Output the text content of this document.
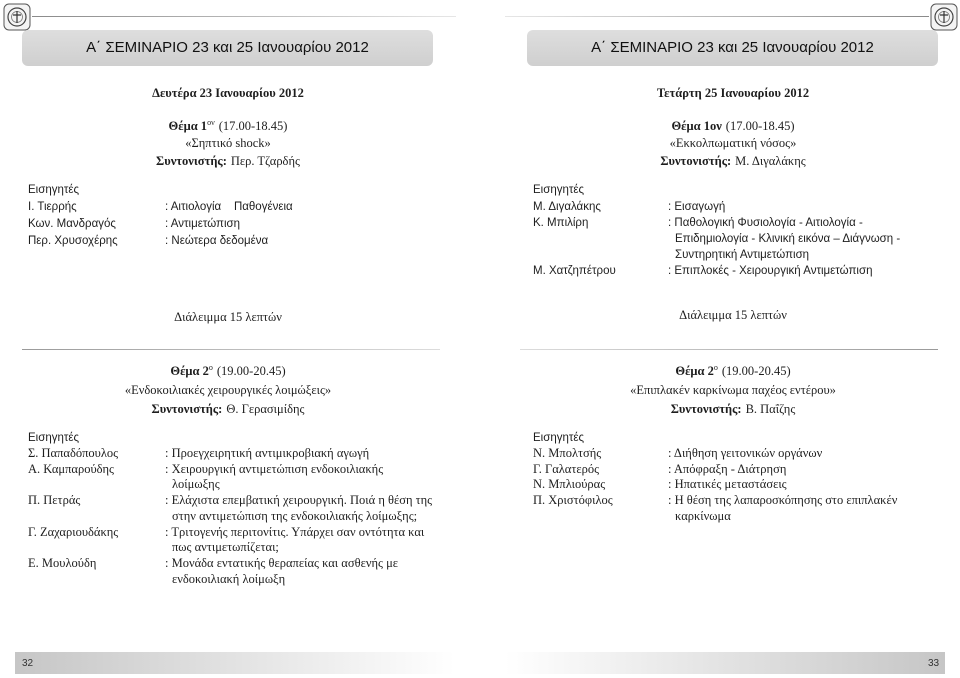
Α΄ ΣΕΜΙΝΑΡΙΟ 23 και 25 Ιανουαρίου 2012
Δευτέρα 23 Ιανουαρίου 2012
Θέμα $1^{o\nu}$ (17.00-18.45)
«Σηπτικό shock»
Συντονιστής: Περ. Τζαρδής
Εισηγητές
Ι. Τιερρής	: Αιτιολογία    Παθογένεια
Κων. Μανδραγός	: Αντιμετώπιση
Περ. Χρυσοχέρης	: Νεώτερα δεδομένα
Διάλειμμα 15 λεπτών
Θέμα $2^o$ (19.00-20.45)
«Ενδοκοιλιακές χειρουργικές λοιμώξεις»
Συντονιστής: Θ. Γερασιμίδης
Εισηγητές
Σ. Παπαδόπουλος	: Προεγχειρητική αντιμικροβιακή αγωγή
Α. Καμπαρούδης	: Χειρουργική αντιμετώπιση ενδοκοιλιακής
λοίμωξης
Π. Πετράς	: Ελάχιστα επεμβατική χειρουργική. Ποιά η θέση της
στην αντιμετώπιση της ενδοκοιλιακής λοίμωξης;
Γ. Ζαχαριουδάκης	: Τριτογενής περιτονίτις. Υπάρχει σαν οντότητα και
πως αντιμετωπίζεται;
Ε. Μουλούδη	: Μονάδα εντατικής θεραπείας και ασθενής με
ενδοκοιλιακή λοίμωξη
32
Α΄ ΣΕΜΙΝΑΡΙΟ 23 και 25 Ιανουαρίου 2012
Τετάρτη 25 Ιανουαρίου 2012
Θέμα 1ον (17.00-18.45)
«Εκκολπωματική νόσος»
Συντονιστής: Μ. Διγαλάκης
Εισηγητές
Μ. Διγαλάκης	: Εισαγωγή
Κ. Μπιλίρη	: Παθολογική Φυσιολογία - Αιτιολογία -
Επιδημιολογία - Κλινική εικόνα – Διάγνωση -
Συντηρητική Αντιμετώπιση
Μ. Χατζηπέτρου	: Επιπλοκές - Χειρουργική Αντιμετώπιση
Διάλειμμα 15 λεπτών
Θέμα $2^o$ (19.00-20.45)
«Επιπλακέν καρκίνωμα παχέος εντέρου»
Συντονιστής: Β. Παΐζης
Εισηγητές
Ν. Μπολτσής	: Διήθηση γειτονικών οργάνων
Γ. Γαλατερός	: Απόφραξη - Διάτρηση
Ν. Μπλιούρας	: Ηπατικές μεταστάσεις
Π. Χριστόφιλος	: Η θέση της λαπαροσκόπησης στο επιπλακέν
καρκίνωμα
33
